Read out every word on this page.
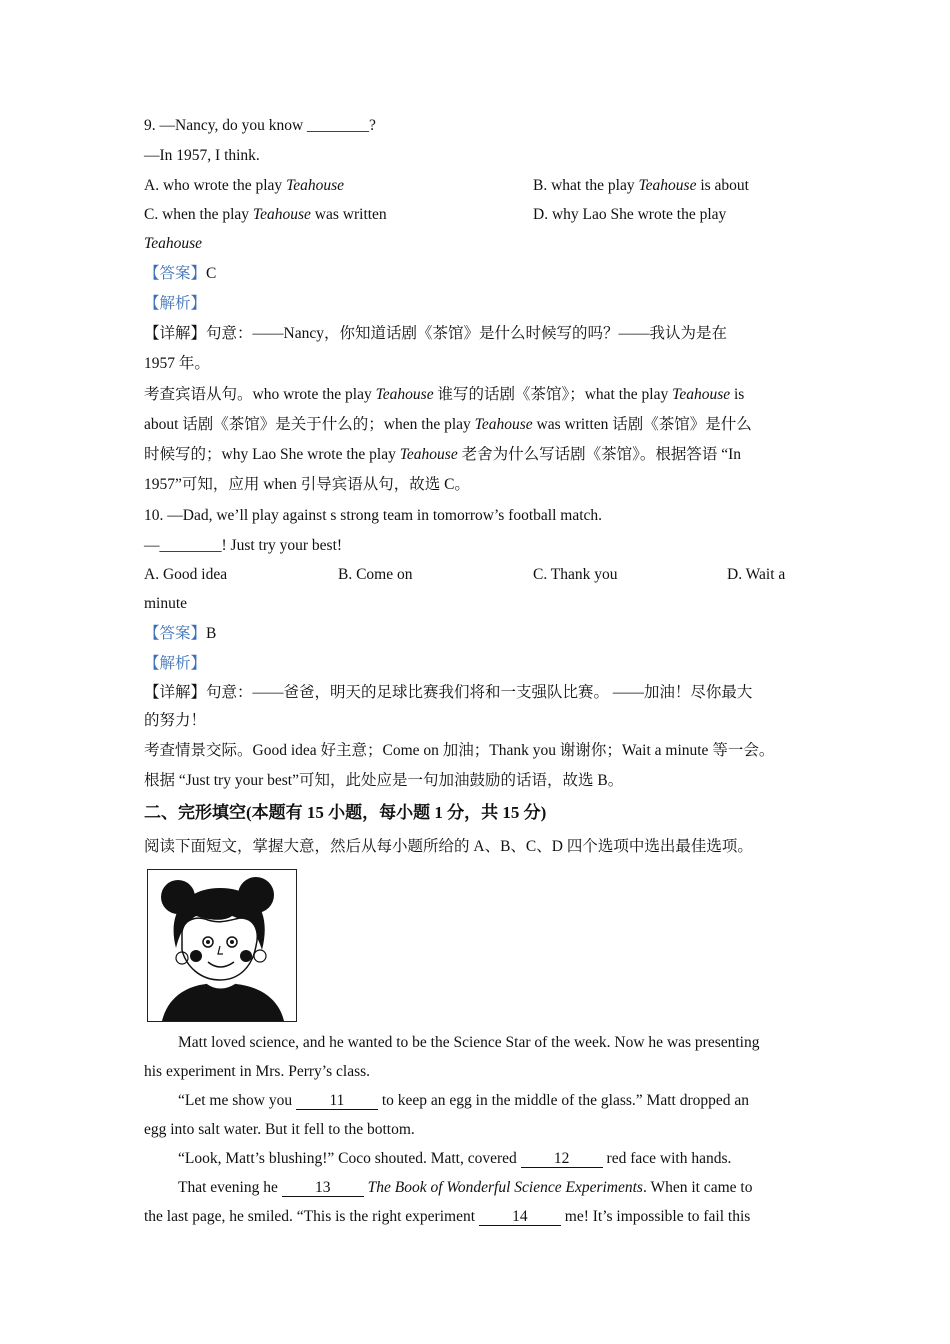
9. —Nancy, do you know ________?
—In 1957, I think.
A. who wrote the play Teahouse	B. what the play Teahouse is about
C. when the play Teahouse was written	D. why Lao She wrote the play
Teahouse
【答案】C
【解析】
【详解】句意：——Nancy，你知道话剧《茶馆》是什么时候写的吗？——我认为是在
1957 年。
考查宾语从句。who wrote the play Teahouse 谁写的话剧《茶馆》；what the play Teahouse is
about 话剧《茶馆》是关于什么的；when the play Teahouse was written 话剧《茶馆》是什么
时候写的；why Lao She wrote the play Teahouse 老舍为什么写话剧《茶馆》。根据答语 “In
1957”可知，应用 when 引导宾语从句，故选 C。
10. —Dad, we’ll play against s strong team in tomorrow’s football match.
—________! Just try your best!
A. Good idea	B. Come on	C. Thank you	D. Wait a
minute
【答案】B
【解析】
【详解】句意：——爸爸，明天的足球比赛我们将和一支强队比赛。 ——加油！尽你最大
的努力！
考查情景交际。Good idea 好主意；Come on 加油；Thank you 谢谢你；Wait a minute 等一会。
根据 “Just try your best”可知，此处应是一句加油鼓励的话语，故选 B。
二、完形填空(本题有 15 小题，每小题 1 分，共 15 分)
阅读下面短文，掌握大意，然后从每小题所给的 A、B、C、D 四个选项中选出最佳选项。
Matt loved science, and he wanted to be the Science Star of the week. Now he was presenting
his experiment in Mrs. Perry’s class.
“Let me show you 11 to keep an egg in the middle of the glass.” Matt dropped an
egg into salt water. But it fell to the bottom.
“Look, Matt’s blushing!” Coco shouted. Matt, covered 12 red face with hands.
That evening he 13 The Book of Wonderful Science Experiments. When it came to
the last page, he smiled. “This is the right experiment 14 me! It’s impossible to fail this
